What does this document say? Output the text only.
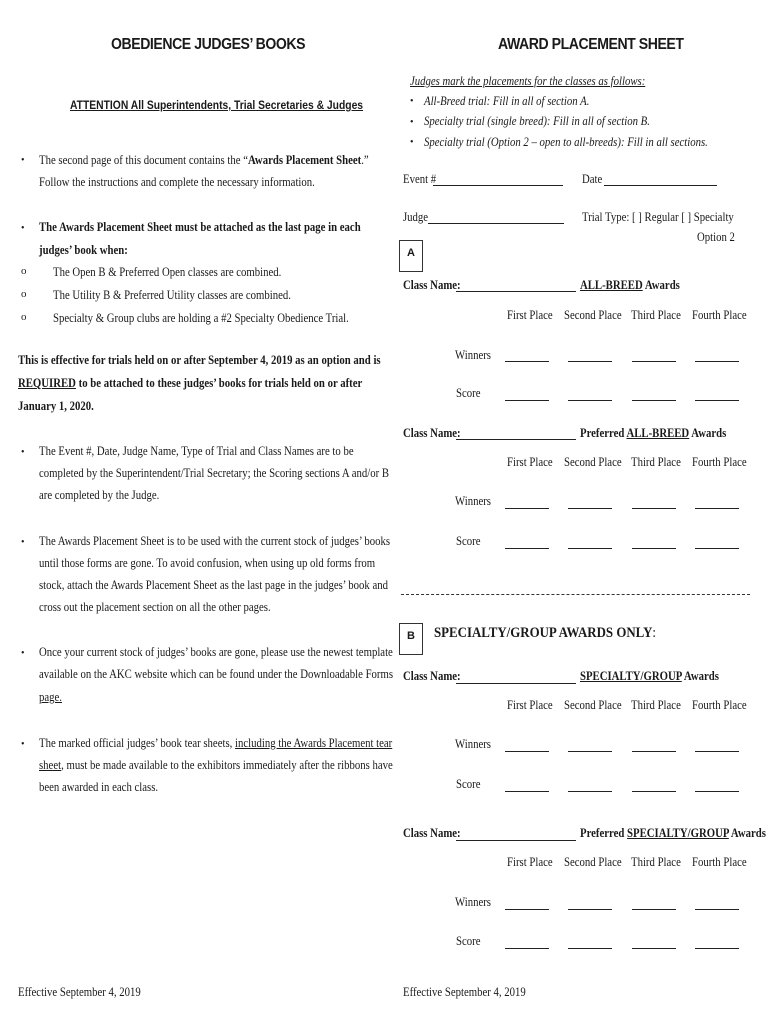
OBEDIENCE JUDGES’ BOOKS
ATTENTION All Superintendents, Trial Secretaries & Judges
• The second page of this document contains the “Awards Placement Sheet.”
Follow the instructions and complete the necessary information.
• The Awards Placement Sheet must be attached as the last page in each
judges’ book when:
o The Open B & Preferred Open classes are combined.
o The Utility B & Preferred Utility classes are combined.
o Specialty & Group clubs are holding a #2 Specialty Obedience Trial.
This is effective for trials held on or after September 4, 2019 as an option and is
REQUIRED to be attached to these judges’ books for trials held on or after
January 1, 2020.
• The Event #, Date, Judge Name, Type of Trial and Class Names are to be
completed by the Superintendent/Trial Secretary; the Scoring sections A and/or B
are completed by the Judge.
• The Awards Placement Sheet is to be used with the current stock of judges’ books
until those forms are gone. To avoid confusion, when using up old forms from
stock, attach the Awards Placement Sheet as the last page in the judges’ book and
cross out the placement section on all the other pages.
• Once your current stock of judges’ books are gone, please use the newest template
available on the AKC website which can be found under the Downloadable Forms
page.
• The marked official judges’ book tear sheets, including the Awards Placement tear
sheet, must be made available to the exhibitors immediately after the ribbons have
been awarded in each class.
Effective September 4, 2019
AWARD PLACEMENT SHEET
Judges mark the placements for the classes as follows:
• All-Breed trial: Fill in all of section A.
• Specialty trial (single breed): Fill in all of section B.
• Specialty trial (Option 2 – open to all-breeds): Fill in all sections.
Event #	Date
Judge	Trial Type: [ ] Regular [ ] Specialty
Option 2
A
Class Name:	ALL-BREED Awards
First Place Second Place Third Place Fourth Place
Winners
Score
Class Name:	Preferred ALL-BREED Awards
First Place Second Place Third Place Fourth Place
Winners
Score
B	SPECIALTY/GROUP AWARDS ONLY:
Class Name:	SPECIALTY/GROUP Awards
First Place Second Place Third Place Fourth Place
Winners
Score
Class Name:	Preferred SPECIALTY/GROUP Awards
First Place Second Place Third Place Fourth Place
Winners
Score
Effective September 4, 2019
